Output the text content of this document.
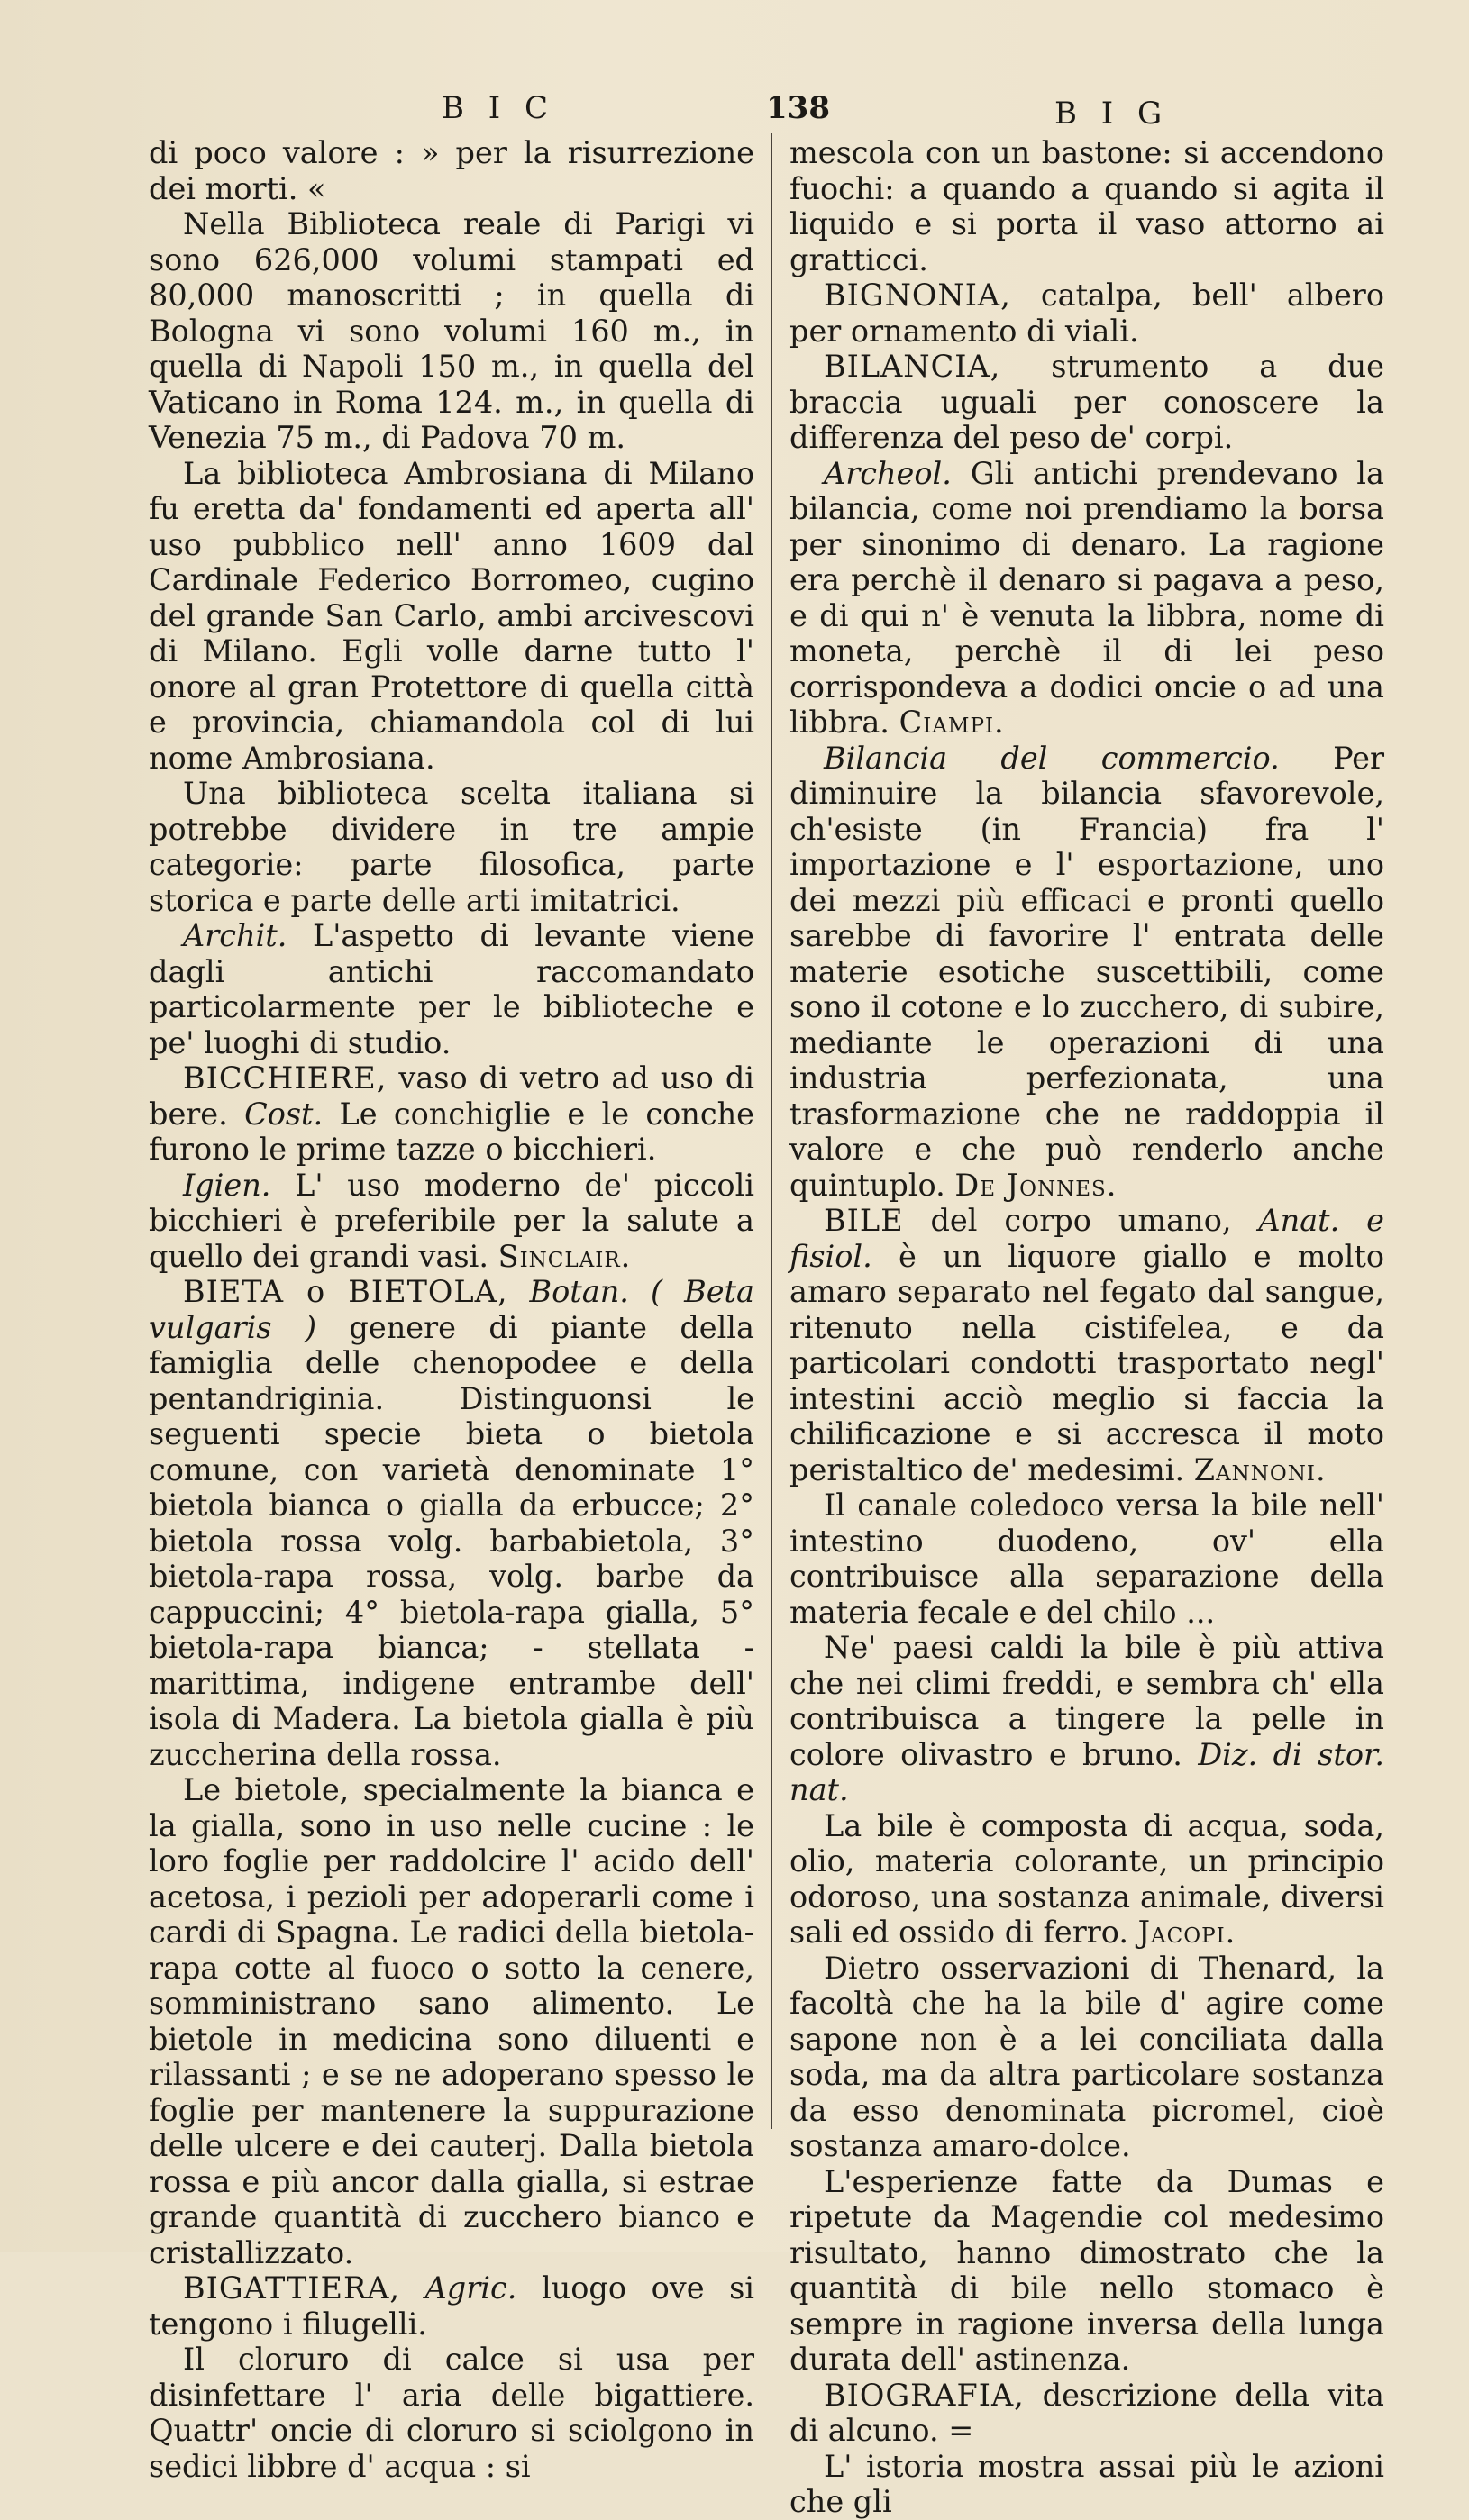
B I C	138	B I G

di poco valore : » per la risurrezione dei morti. «

Nella Biblioteca reale di Parigi vi sono 626,000 volumi stampati ed 80,000 manoscritti ; in quella di Bologna vi sono volumi 160 m., in quella di Napoli 150 m., in quella del Vaticano in Roma 124. m., in quella di Venezia 75 m., di Padova 70 m.

La biblioteca Ambrosiana di Milano fu eretta da' fondamenti ed aperta all' uso pubblico nell' anno 1609 dal Cardinale Federico Borromeo, cugino del grande San Carlo, ambi arcivescovi di Milano. Egli volle darne tutto l' onore al gran Protettore di quella città e provincia, chiamandola col di lui nome Ambrosiana.

Una biblioteca scelta italiana si potrebbe dividere in tre ampie categorie: parte filosofica, parte storica e parte delle arti imitatrici.

Archit. L'aspetto di levante viene dagli antichi raccomandato particolarmente per le biblioteche e pe' luoghi di studio.

BICCHIERE, vaso di vetro ad uso di bere. Cost. Le conchiglie e le conche furono le prime tazze o bicchieri.

Igien. L' uso moderno de' piccoli bicchieri è preferibile per la salute a quello dei grandi vasi. Sinclair.

BIETA o BIETOLA, Botan. ( Beta vulgaris ) genere di piante della famiglia delle chenopodee e della pentandriginia. Distinguonsi le seguenti specie bieta o bietola comune, con varietà denominate 1° bietola bianca o gialla da erbucce; 2° bietola rossa volg. barbabietola, 3° bietola-rapa rossa, volg. barbe da cappuccini; 4° bietola-rapa gialla, 5° bietola-rapa bianca; - stellata - marittima, indigene entrambe dell' isola di Madera. La bietola gialla è più zuccherina della rossa.

Le bietole, specialmente la bianca e la gialla, sono in uso nelle cucine : le loro foglie per raddolcire l' acido dell' acetosa, i pezioli per adoperarli come i cardi di Spagna. Le radici della bietola-rapa cotte al fuoco o sotto la cenere, somministrano sano alimento. Le bietole in medicina sono diluenti e rilassanti ; e se ne adoperano spesso le foglie per mantenere la suppurazione delle ulcere e dei cauterj. Dalla bietola rossa e più ancor dalla gialla, si estrae grande quantità di zucchero bianco e cristallizzato.

BIGATTIERA, Agric. luogo ove si tengono i filugelli.

Il cloruro di calce si usa per disinfettare l' aria delle bigattiere. Quattr' oncie di cloruro si sciolgono in sedici libbre d' acqua : si

mescola con un bastone: si accendono fuochi: a quando a quando si agita il liquido e si porta il vaso attorno ai gratticci.

BIGNONIA, catalpa, bell' albero per ornamento di viali.

BILANCIA, strumento a due braccia uguali per conoscere la differenza del peso de' corpi.

Archeol. Gli antichi prendevano la bilancia, come noi prendiamo la borsa per sinonimo di denaro. La ragione era perchè il denaro si pagava a peso, e di qui n' è venuta la libbra, nome di moneta, perchè il di lei peso corrispondeva a dodici oncie o ad una libbra. Ciampi.

Bilancia del commercio. Per diminuire la bilancia sfavorevole, ch'esiste (in Francia) fra l' importazione e l' esportazione, uno dei mezzi più efficaci e pronti quello sarebbe di favorire l' entrata delle materie esotiche suscettibili, come sono il cotone e lo zucchero, di subire, mediante le operazioni di una industria perfezionata, una trasformazione che ne raddoppia il valore e che può renderlo anche quintuplo. De Jonnes.

BILE del corpo umano, Anat. e fisiol. è un liquore giallo e molto amaro separato nel fegato dal sangue, ritenuto nella cistifelea, e da particolari condotti trasportato negl' intestini acciò meglio si faccia la chilificazione e si accresca il moto peristaltico de' medesimi. Zannoni.

Il canale coledoco versa la bile nell' intestino duodeno, ov' ella contribuisce alla separazione della materia fecale e del chilo ...

Ne' paesi caldi la bile è più attiva che nei climi freddi, e sembra ch' ella contribuisca a tingere la pelle in colore olivastro e bruno. Diz. di stor. nat.

La bile è composta di acqua, soda, olio, materia colorante, un principio odoroso, una sostanza animale, diversi sali ed ossido di ferro. Jacopi.

Dietro osservazioni di Thenard, la facoltà che ha la bile d' agire come sapone non è a lei conciliata dalla soda, ma da altra particolare sostanza da esso denominata picromel, cioè sostanza amaro-dolce.

L'esperienze fatte da Dumas e ripetute da Magendie col medesimo risultato, hanno dimostrato che la quantità di bile nello stomaco è sempre in ragione inversa della lunga durata dell' astinenza.

BIOGRAFIA, descrizione della vita di alcuno. =

L' istoria mostra assai più le azioni che gli
